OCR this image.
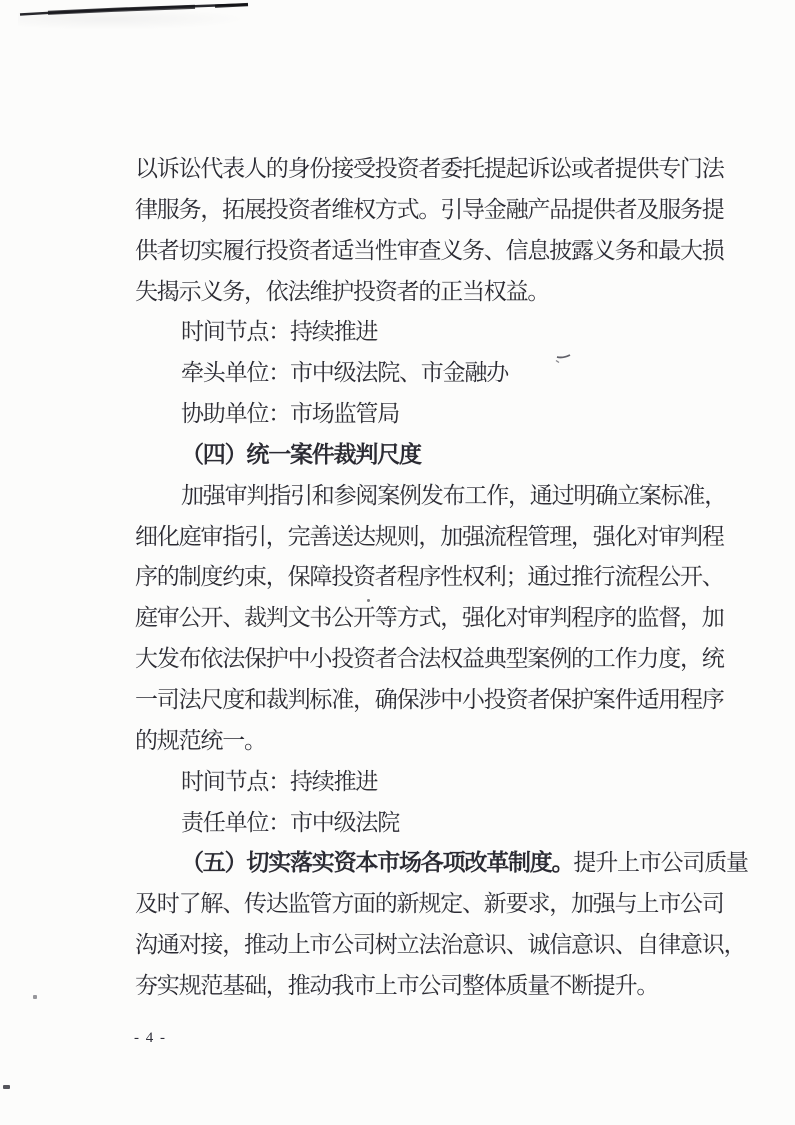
以诉讼代表人的身份接受投资者委托提起诉讼或者提供专门法
律服务，拓展投资者维权方式。引导金融产品提供者及服务提
供者切实履行投资者适当性审查义务、信息披露义务和最大损
失揭示义务，依法维护投资者的正当权益。
时间节点：持续推进
牵头单位：市中级法院、市金融办
协助单位：市场监管局
（四）统一案件裁判尺度
加强审判指引和参阅案例发布工作，通过明确立案标准，
细化庭审指引，完善送达规则，加强流程管理，强化对审判程
序的制度约束，保障投资者程序性权利；通过推行流程公开、
庭审公开、裁判文书公开等方式，强化对审判程序的监督，加
大发布依法保护中小投资者合法权益典型案例的工作力度，统
一司法尺度和裁判标准，确保涉中小投资者保护案件适用程序
的规范统一。
时间节点：持续推进
责任单位：市中级法院
（五）切实落实资本市场各项改革制度。提升上市公司质量
及时了解、传达监管方面的新规定、新要求，加强与上市公司
沟通对接，推动上市公司树立法治意识、诚信意识、自律意识，
夯实规范基础，推动我市上市公司整体质量不断提升。
- 4 -
